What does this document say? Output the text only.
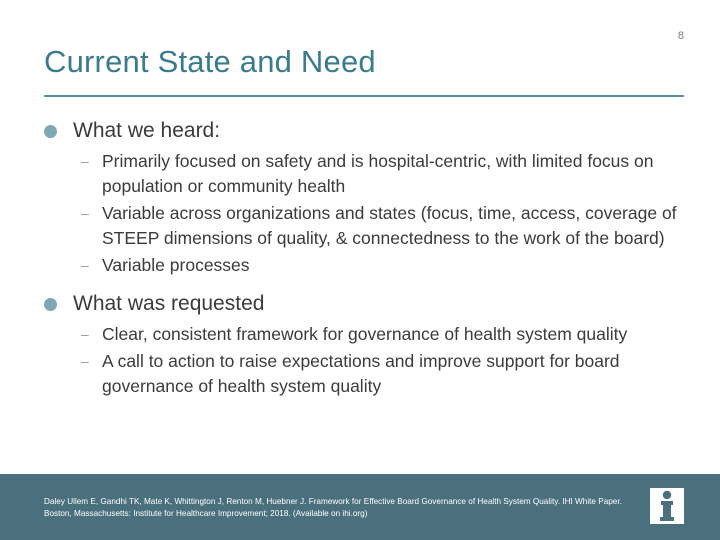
8
Current State and Need
What we heard:
– Primarily focused on safety and is hospital-centric, with limited focus on population or community health
– Variable across organizations and states (focus, time, access, coverage of STEEP dimensions of quality, & connectedness to the work of the board)
– Variable processes
What was requested
– Clear, consistent framework for governance of health system quality
– A call to action to raise expectations and improve support for board governance of health system quality
Daley Ullem E, Gandhi TK, Mate K, Whittington J, Renton M, Huebner J. Framework for Effective Board Governance of Health System Quality. IHI White Paper. Boston, Massachusetts: Institute for Healthcare Improvement; 2018. (Available on ihi.org)
